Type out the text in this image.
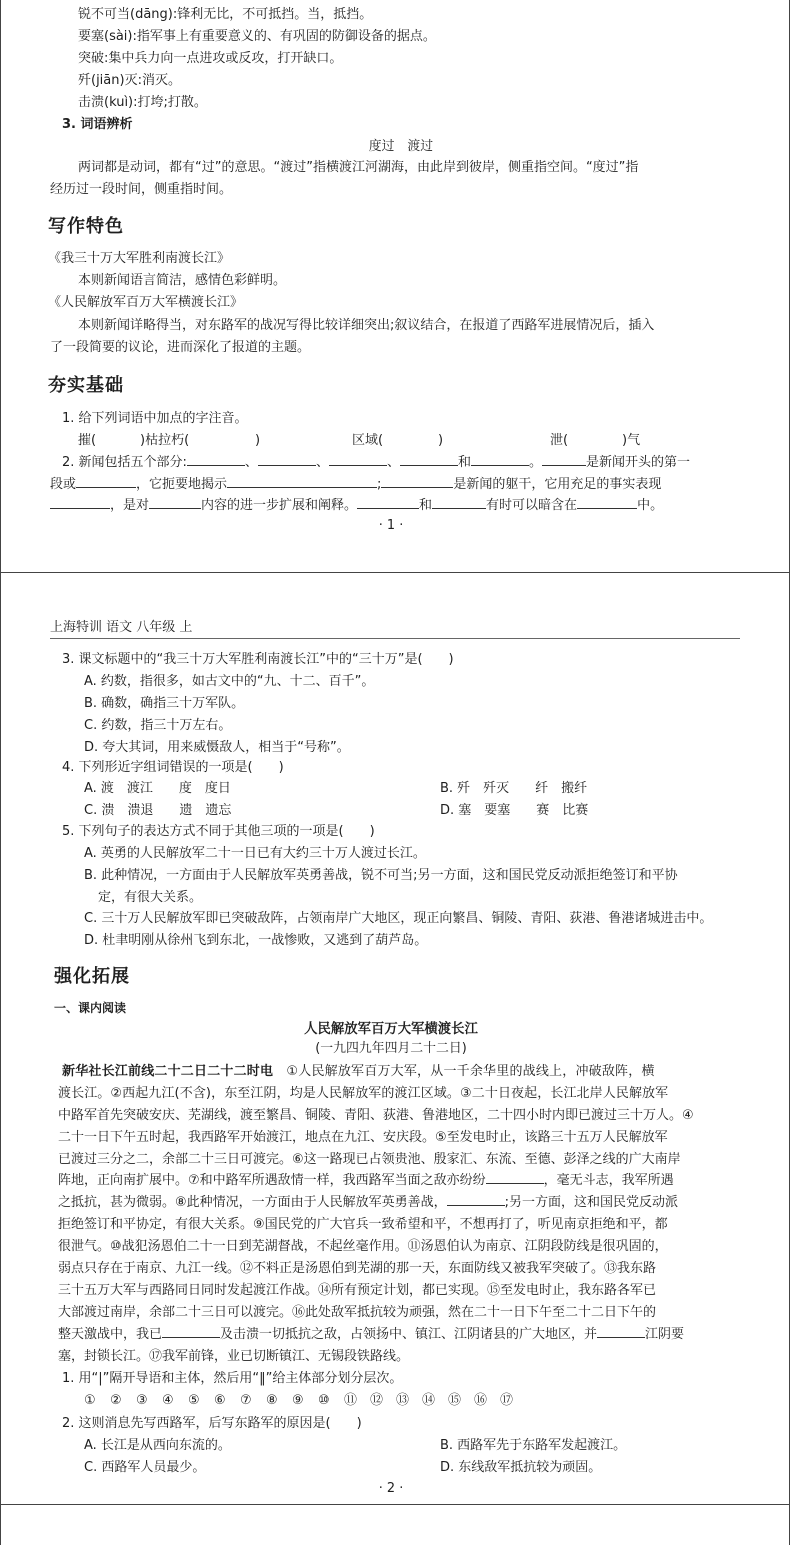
锐不可当(dāng):锋利无比，不可抵挡。当，抵挡。
要塞(sài):指军事上有重要意义的、有巩固的防御设备的据点。
突破:集中兵力向一点进攻或反攻，打开缺口。
歼(jiān)灭:消灭。
击溃(kuì):打垮;打散。
3. 词语辨析
度过　渡过
两词都是动词，都有“过”的意思。“渡过”指横渡江河湖海，由此岸到彼岸，侧重指空间。“度过”指
经历过一段时间，侧重指时间。
写作特色
《我三十万大军胜利南渡长江》
本则新闻语言简洁，感情色彩鲜明。
《人民解放军百万大军横渡长江》
本则新闻详略得当，对东路军的战况写得比较详细突出;叙议结合，在报道了西路军进展情况后，插入
了一段简要的议论，进而深化了报道的主题。
夯实基础
1. 给下列词语中加点的字注音。
摧(	)枯拉朽(	)	区域(	)	泄(	)气
2. 新闻包括五个部分:	、	、	、	和	。	是新闻开头的第一
段或	，它扼要地揭示	;	是新闻的躯干，它用充足的事实表现
，是对	内容的进一步扩展和阐释。	和	有时可以暗含在	中。
· 1 ·
上海特训 语文 八年级 上
3. 课文标题中的“我三十万大军胜利南渡长江”中的“三十万”是(　　)
A. 约数，指很多，如古文中的“九、十二、百千”。
B. 确数，确指三十万军队。
C. 约数，指三十万左右。
D. 夸大其词，用来威慑敌人，相当于“号称”。
4. 下列形近字组词错误的一项是(　　)
A. 渡　渡江　　度　度日	B. 歼　歼灭　　纤　搬纤
C. 溃　溃退　　遗　遗忘	D. 塞　要塞　　赛　比赛
5. 下列句子的表达方式不同于其他三项的一项是(　　)
A. 英勇的人民解放军二十一日已有大约三十万人渡过长江。
B. 此种情况，一方面由于人民解放军英勇善战，锐不可当;另一方面，这和国民党反动派拒绝签订和平协
定，有很大关系。
C. 三十万人民解放军即已突破敌阵，占领南岸广大地区，现正向繁昌、铜陵、青阳、荻港、鲁港诸城进击中。
D. 杜聿明刚从徐州飞到东北，一战惨败，又逃到了葫芦岛。
强化拓展
一、课内阅读
人民解放军百万大军横渡长江
(一九四九年四月二十二日)
新华社长江前线二十二日二十二时电　①人民解放军百万大军，从一千余华里的战线上，冲破敌阵，横
渡长江。②西起九江(不含)，东至江阴，均是人民解放军的渡江区域。③二十日夜起，长江北岸人民解放军
中路军首先突破安庆、芜湖线，渡至繁昌、铜陵、青阳、荻港、鲁港地区，二十四小时内即已渡过三十万人。④
二十一日下午五时起，我西路军开始渡江，地点在九江、安庆段。⑤至发电时止，该路三十五万人民解放军
已渡过三分之二，余部二十三日可渡完。⑥这一路现已占领贵池、殷家汇、东流、至德、彭泽之线的广大南岸
阵地，正向南扩展中。⑦和中路军所遇敌情一样，我西路军当面之敌亦纷纷	，毫无斗志，我军所遇
之抵抗，甚为微弱。⑧此种情况，一方面由于人民解放军英勇善战，	;另一方面，这和国民党反动派
拒绝签订和平协定，有很大关系。⑨国民党的广大官兵一致希望和平，不想再打了，听见南京拒绝和平，都
很泄气。⑩战犯汤恩伯二十一日到芜湖督战，不起丝毫作用。⑪汤恩伯认为南京、江阴段防线是很巩固的，
弱点只存在于南京、九江一线。⑫不料正是汤恩伯到芜湖的那一天，东面防线又被我军突破了。⑬我东路
三十五万大军与西路同日同时发起渡江作战。⑭所有预定计划，都已实现。⑮至发电时止，我东路各军已
大部渡过南岸，余部二十三日可以渡完。⑯此处敌军抵抗较为顽强，然在二十一日下午至二十二日下午的
整天激战中，我已	及击溃一切抵抗之敌，占领扬中、镇江、江阴诸县的广大地区，并	江阴要
塞，封锁长江。⑰我军前锋，业已切断镇江、无锡段铁路线。
1. 用“|”隔开导语和主体，然后用“‖”给主体部分划分层次。
① ② ③ ④ ⑤ ⑥ ⑦ ⑧ ⑨ ⑩ ⑪ ⑫ ⑬ ⑭ ⑮ ⑯ ⑰
2. 这则消息先写西路军，后写东路军的原因是(　　)
A. 长江是从西向东流的。	B. 西路军先于东路军发起渡江。
C. 西路军人员最少。	D. 东线敌军抵抗较为顽固。
· 2 ·
